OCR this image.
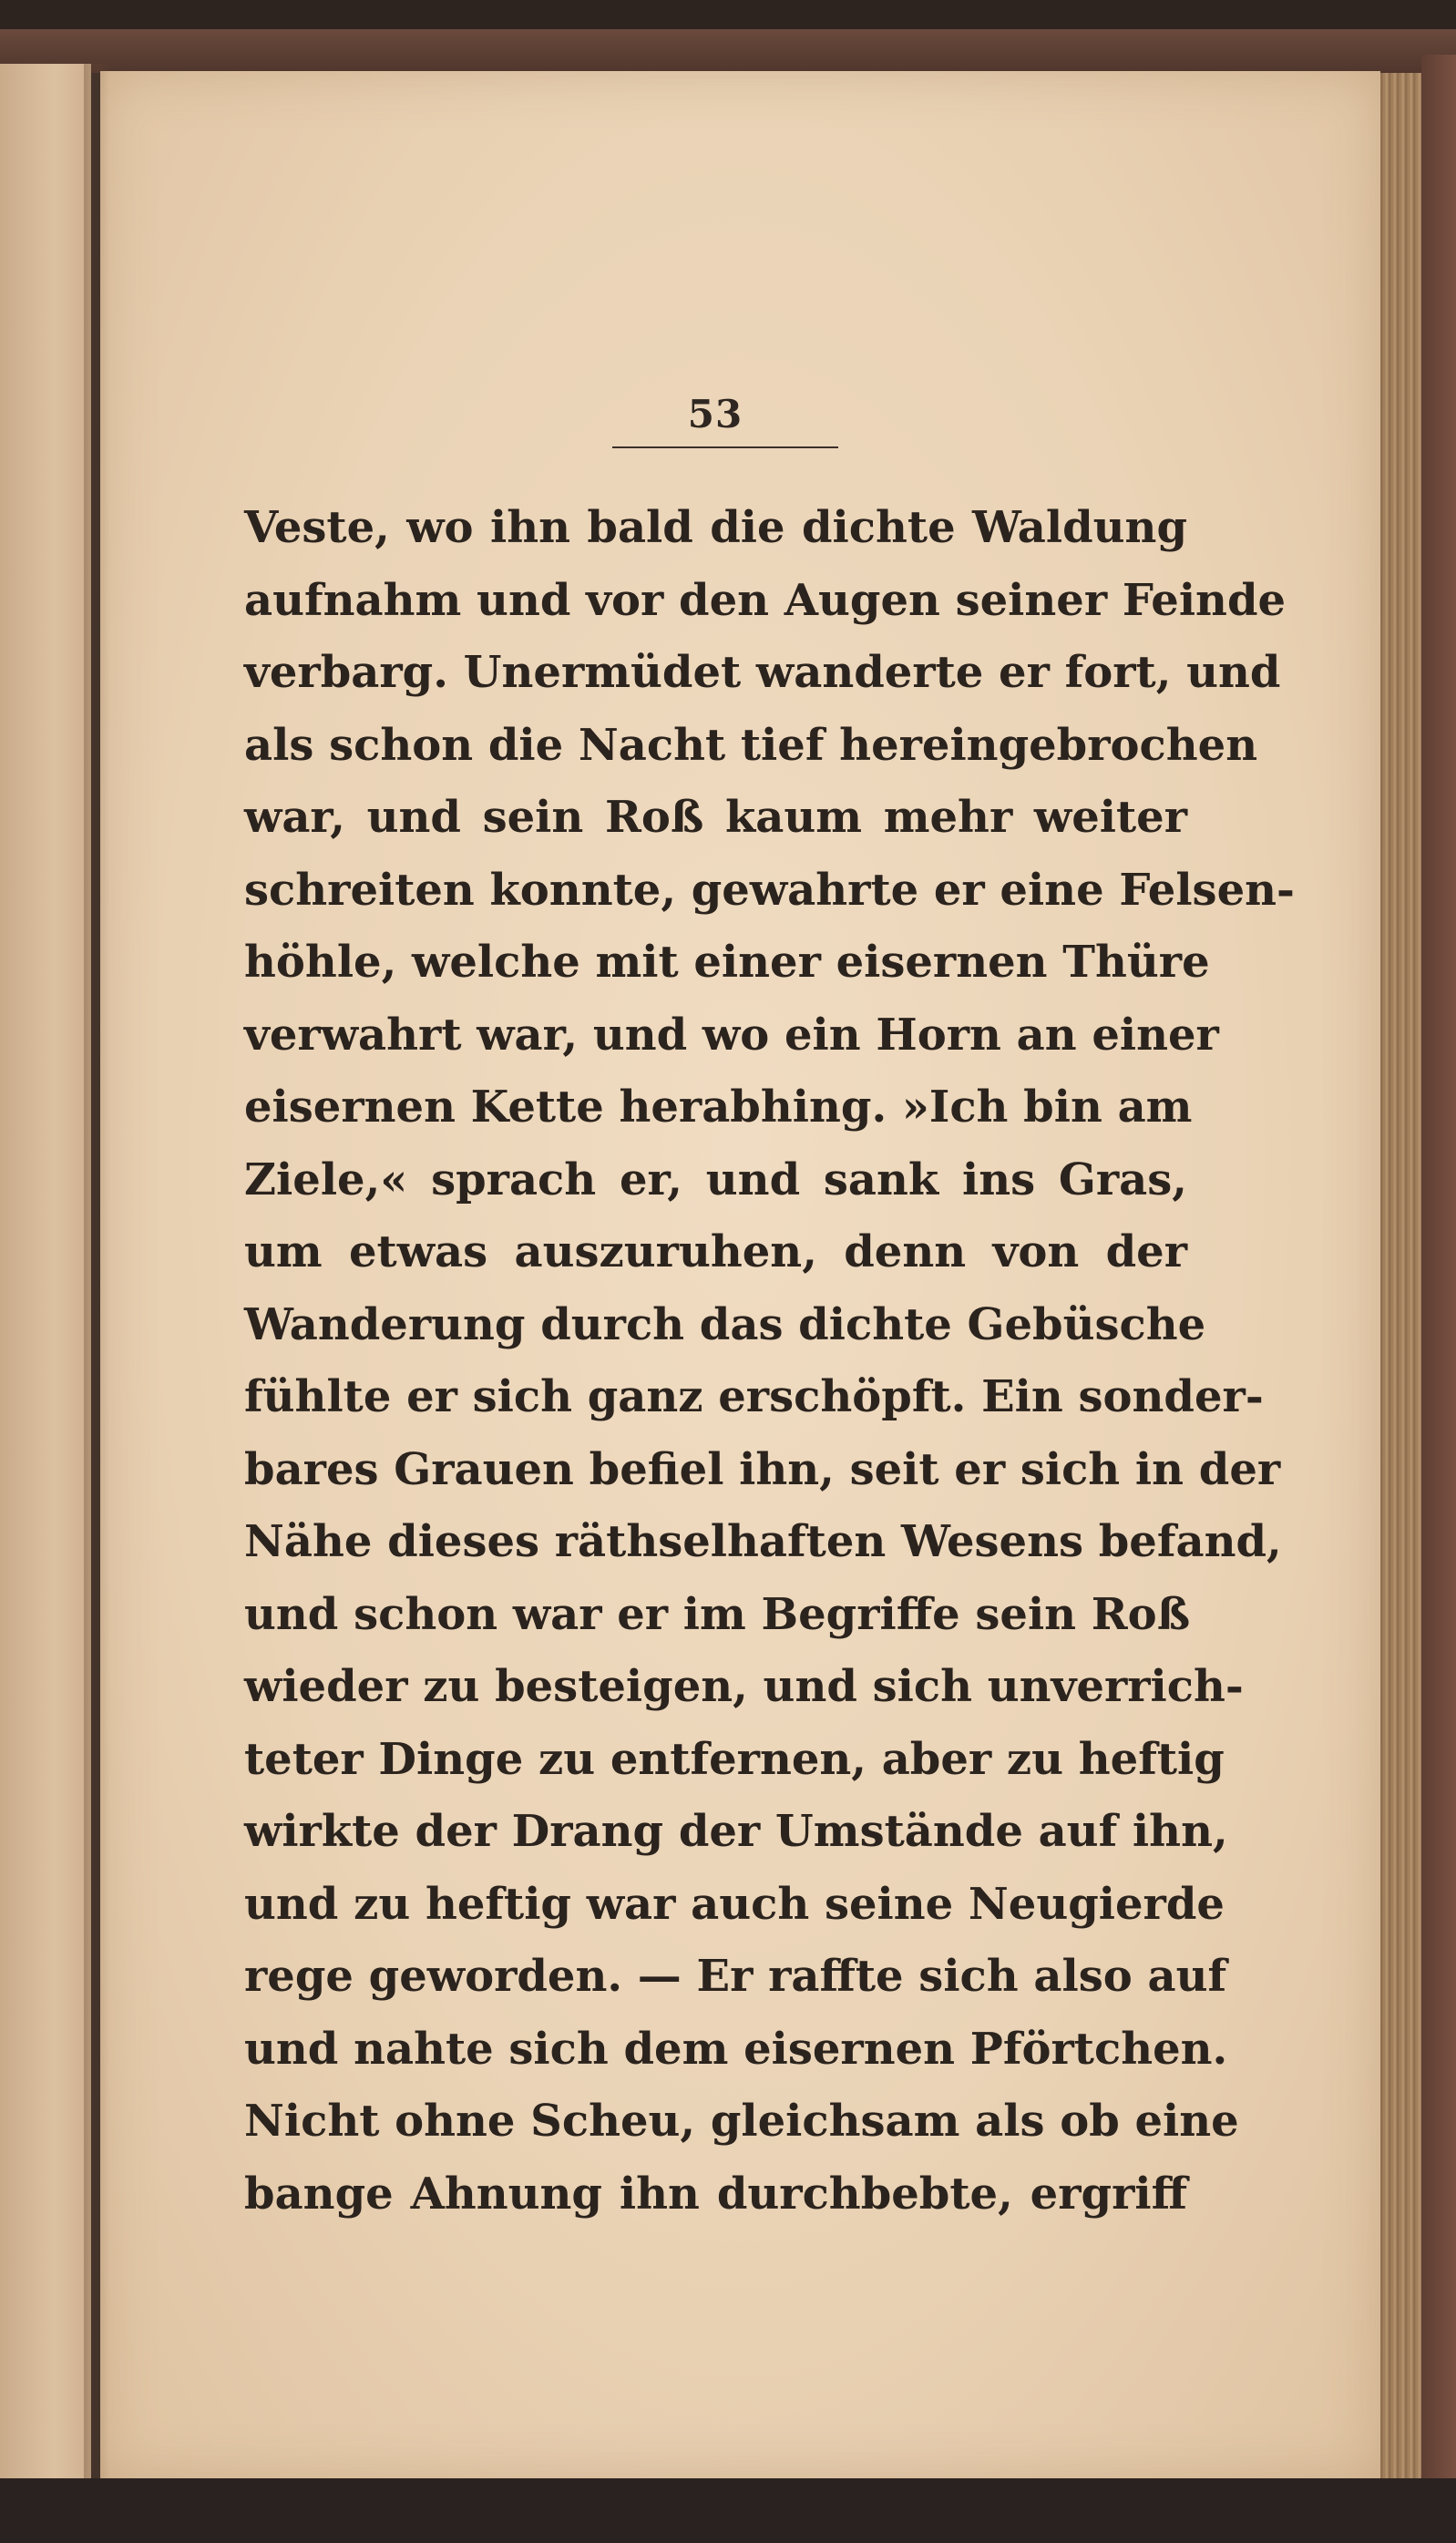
53
Veste, wo ihn bald die dichte Waldung
aufnahm und vor den Augen seiner Feinde
verbarg. Unermüdet wanderte er fort, und
als schon die Nacht tief hereingebrochen
war, und sein Roß kaum mehr weiter
schreiten konnte, gewahrte er eine Felsen-
höhle, welche mit einer eisernen Thüre
verwahrt war, und wo ein Horn an einer
eisernen Kette herabhing. »Ich bin am
Ziele,« sprach er, und sank ins Gras,
um etwas auszuruhen, denn von der
Wanderung durch das dichte Gebüsche
fühlte er sich ganz erschöpft. Ein sonder-
bares Grauen befiel ihn, seit er sich in der
Nähe dieses räthselhaften Wesens befand,
und schon war er im Begriffe sein Roß
wieder zu besteigen, und sich unverrich-
teter Dinge zu entfernen, aber zu heftig
wirkte der Drang der Umstände auf ihn,
und zu heftig war auch seine Neugierde
rege geworden. — Er raffte sich also auf
und nahte sich dem eisernen Pförtchen.
Nicht ohne Scheu, gleichsam als ob eine
bange Ahnung ihn durchbebte, ergriff
